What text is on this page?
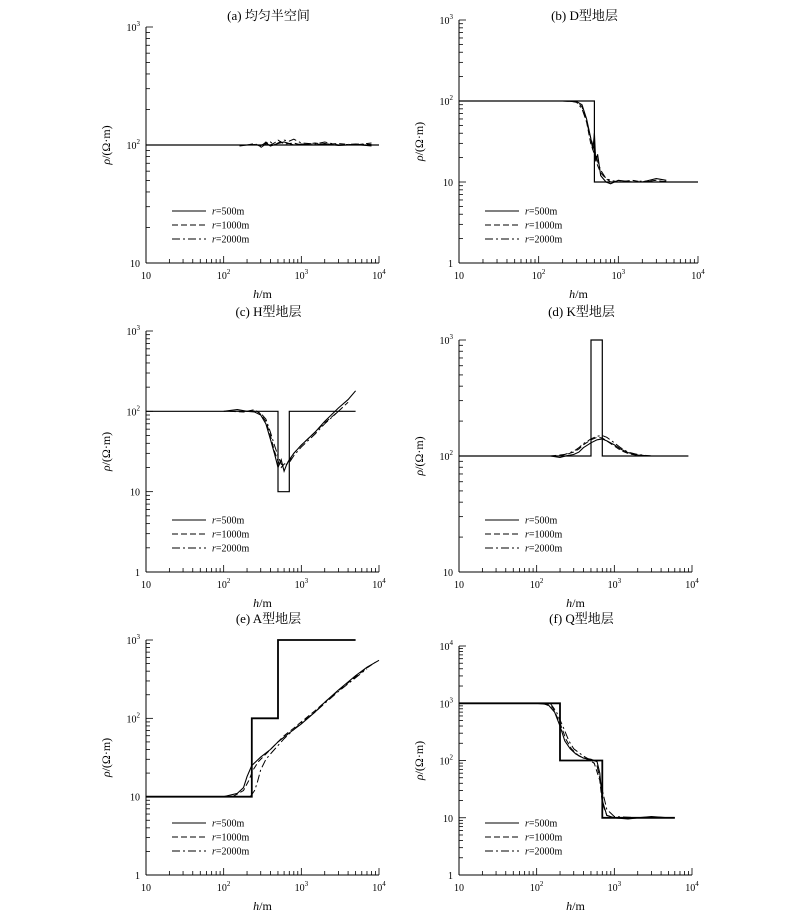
(a) 均匀半空间
10
$10^2$
$10^3$
10	$10^2$	$10^3$	$10^4$
h/m
ρ/(Ω·m)
r=500m
r=1000m
r=2000m
(b) D型地层
1
10
$10^2$
$10^3$
10	$10^2$	$10^3$	$10^4$
h/m
ρ/(Ω·m)
r=500m
r=1000m
r=2000m
(c) H型地层
1
10
$10^2$
$10^3$
10	$10^2$	$10^3$	$10^4$
h/m
ρ/(Ω·m)
r=500m
r=1000m
r=2000m
(d) K型地层
10
$10^2$
$10^3$
10	$10^2$	$10^3$	$10^4$
h/m
ρ/(Ω·m)
r=500m
r=1000m
r=2000m
(e) A型地层
1
10
$10^2$
$10^3$
10	$10^2$	$10^3$	$10^4$
h/m
ρ/(Ω·m)
r=500m
r=1000m
r=2000m
(f) Q型地层
1
10
$10^2$
$10^3$
$10^4$
10	$10^2$	$10^3$	$10^4$
h/m
ρ/(Ω·m)
r=500m
r=1000m
r=2000m
